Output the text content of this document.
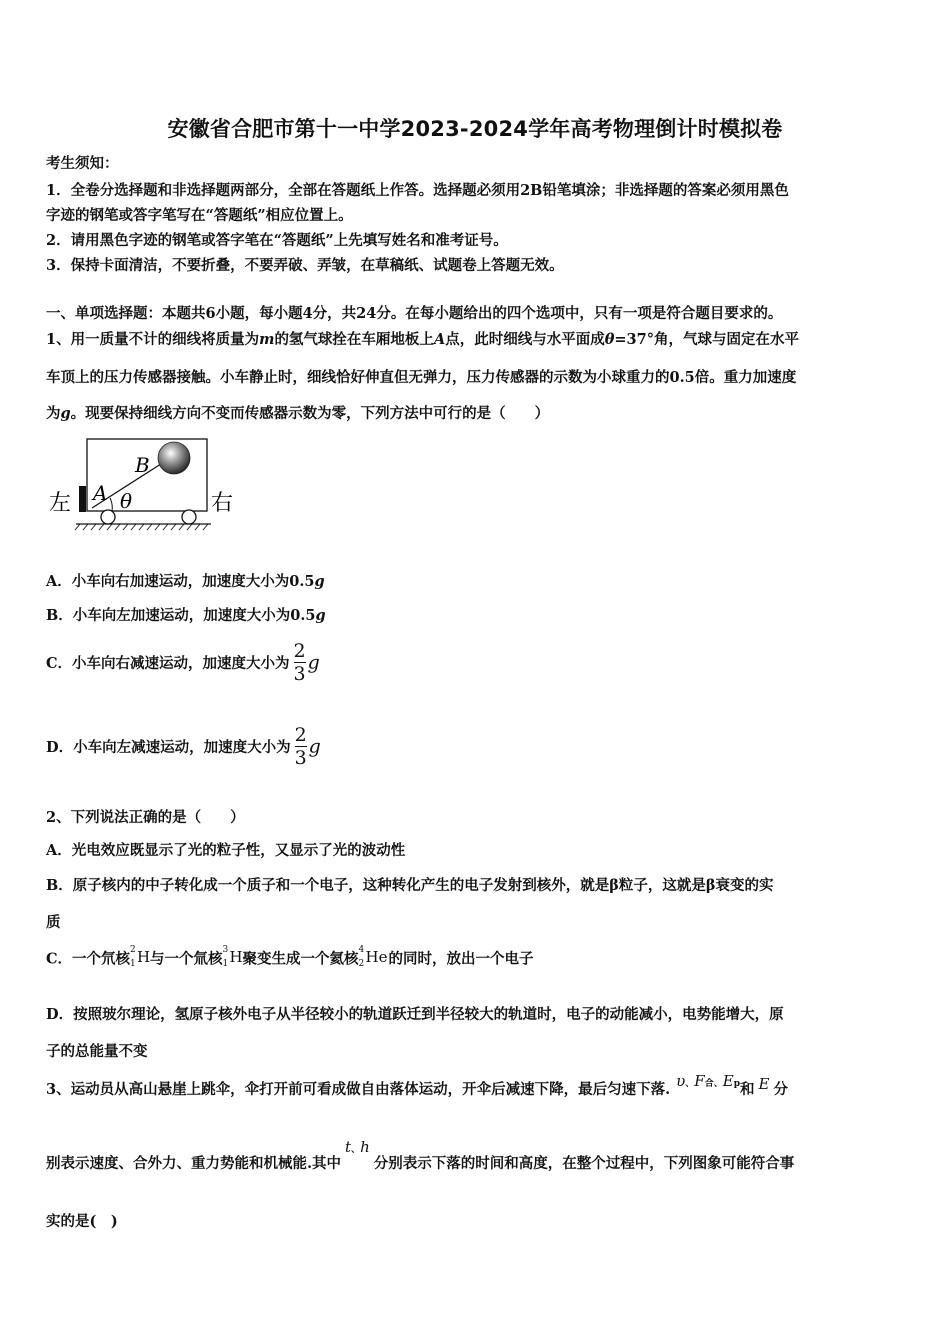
安徽省合肥市第十一中学2023-2024学年高考物理倒计时模拟卷
考生须知：
1．全卷分选择题和非选择题两部分，全部在答题纸上作答。选择题必须用2B铅笔填涂；非选择题的答案必须用黑色
字迹的钢笔或答字笔写在“答题纸”相应位置上。
2．请用黑色字迹的钢笔或答字笔在“答题纸”上先填写姓名和准考证号。
3．保持卡面清洁，不要折叠，不要弄破、弄皱，在草稿纸、试题卷上答题无效。
一、单项选择题：本题共6小题，每小题4分，共24分。在每小题给出的四个选项中，只有一项是符合题目要求的。
1、用一质量不计的细线将质量为m的氢气球拴在车厢地板上A点，此时细线与水平面成θ=37°角，气球与固定在水平
车顶上的压力传感器接触。小车静止时，细线恰好伸直但无弹力，压力传感器的示数为小球重力的0.5倍。重力加速度
为g。现要保持细线方向不变而传感器示数为零，下列方法中可行的是（　　）
左	右
B
A θ
A．小车向右加速运动，加速度大小为0.5g
B．小车向左加速运动，加速度大小为0.5g
C．小车向右减速运动，加速度大小为 $\frac{2}{3}$ g
D．小车向左减速运动，加速度大小为 $\frac{2}{3}$ g
2、下列说法正确的是（　　）
A．光电效应既显示了光的粒子性，又显示了光的波动性
B．原子核内的中子转化成一个质子和一个电子，这种转化产生的电子发射到核外，就是β粒子，这就是β衰变的实
质
C．一个氘核
2
1 H 与一个氚核
3
1 H 聚变生成一个氦核
4
2 He 的同时，放出一个电子
D．按照玻尔理论，氢原子核外电子从半径较小的轨道跃迁到半径较大的轨道时，电子的动能减小，电势能增大，原
子的总能量不变
3、运动员从高山悬崖上跳伞，伞打开前可看成做自由落体运动，开伞后减速下降，最后匀速下落. υ、F合、Ep和 E 分
别表示速度、合外力、重力势能和机械能.其中t、h分别表示下落的时间和高度，在整个过程中，下列图象可能符合事
实的是(　)
